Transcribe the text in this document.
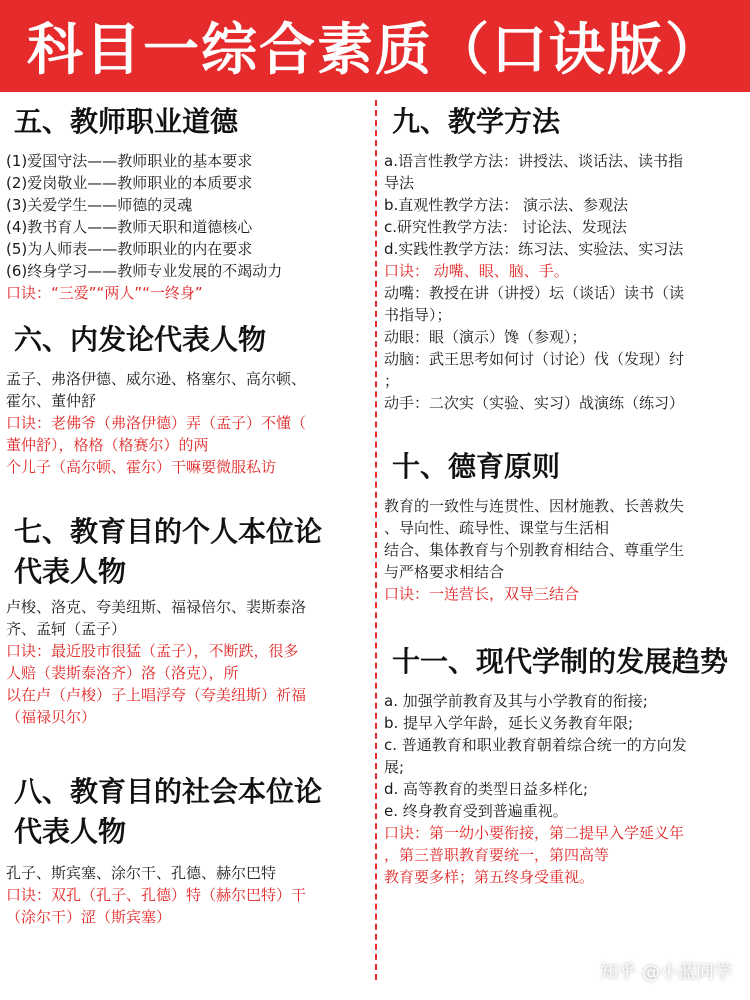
科目一综合素质（口诀版）
五、教师职业道德
(1)爱国守法——教师职业的基本要求
(2)爱岗敬业——教师职业的本质要求
(3)关爱学生——师德的灵魂
(4)教书育人——教师天职和道德核心
(5)为人师表——教师职业的内在要求
(6)终身学习——教师专业发展的不竭动力
口诀：“三爱”“两人”“一终身”
六、内发论代表人物
孟子、弗洛伊德、威尔逊、格塞尔、高尔顿、
霍尔、董仲舒
口诀：老佛爷（弗洛伊德）弄（孟子）不懂（
董仲舒），格格（格赛尔）的两
个儿子（高尔顿、霍尔）干嘛要微服私访
七、教育目的个人本位论
代表人物
卢梭、洛克、夸美纽斯、福禄倍尔、裴斯泰洛
齐、孟轲（孟子）
口诀：最近股市很猛（孟子），不断跌，很多
人赔（裴斯泰洛齐）洛（洛克），所
以在卢（卢梭）子上唱浮夸（夸美纽斯）祈福
（福禄贝尔）
八、教育目的社会本位论
代表人物
孔子、斯宾塞、涂尔干、孔德、赫尔巴特
口诀：双孔（孔子、孔德）特（赫尔巴特）干
（涂尔干）涩（斯宾塞）
九、教学方法
a.语言性教学方法：讲授法、谈话法、读书指
导法
b.直观性教学方法： 演示法、参观法
c.研究性教学方法： 讨论法、发现法
d.实践性教学方法：练习法、实验法、实习法
口诀： 动嘴、眼、脑、手。
动嘴：教授在讲（讲授）坛（谈话）读书（读
书指导）；
动眼：眼（演示）馋（参观）；
动脑：武王思考如何讨（讨论）伐（发现）纣
；
动手：二次实（实验、实习）战演练（练习）
十、德育原则
教育的一致性与连贯性、因材施教、长善救失
、导向性、疏导性、课堂与生活相
结合、集体教育与个别教育相结合、尊重学生
与严格要求相结合
口诀：一连营长，双导三结合
十一、现代学制的发展趋势
a. 加强学前教育及其与小学教育的衔接;
b. 提早入学年龄，延长义务教育年限;
c. 普通教育和职业教育朝着综合统一的方向发
展;
d. 高等教育的类型日益多样化;
e. 终身教育受到普遍重视。
口诀：第一幼小要衔接，第二提早入学延义年
，第三普职教育要统一，第四高等
教育要多样；第五终身受重视。
知乎 @小蓝同学
